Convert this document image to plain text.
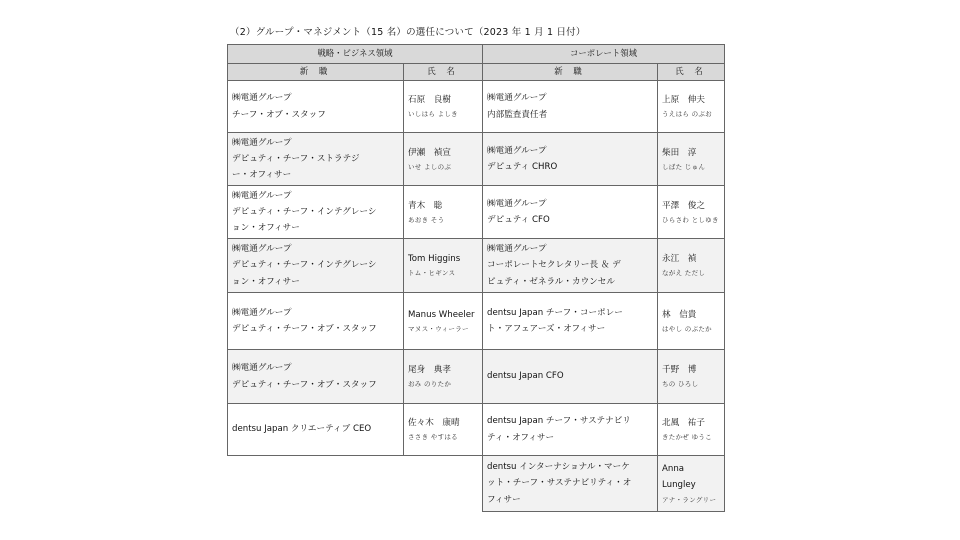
（2）グループ・マネジメント（15 名）の選任について（2023 年 1 月 1 日付）
戦略・ビジネス領域	
新 職	氏 名

㈱電通グループ
チーフ・オブ・スタッフ	石原　良樹
いしはら よしき

㈱電通グループ
デピュティ・チーフ・ストラテジ
ー・オフィサー	伊瀬　禎宣
いせ よしのぶ

㈱電通グループ
デピュティ・チーフ・インテグレーシ
ョン・オフィサー	青木　聡
あおき そう

㈱電通グループ
デピュティ・チーフ・インテグレーシ
ョン・オフィサー	Tom Higgins
トム・ヒギンス

㈱電通グループ
デピュティ・チーフ・オブ・スタッフ	Manus Wheeler
マヌス・ウィーラー

㈱電通グループ
デピュティ・チーフ・オブ・スタッフ	尾身　典孝
おみ のりたか

dentsu Japan クリエーティブ CEO	佐々木　康晴
ささき やすはる
コーポレート領域	
新 職	氏 名

㈱電通グループ
内部監査責任者	上原　伸夫
うえはら のぶお

㈱電通グループ
デピュティ CHRO	柴田　淳
しばた じゅん

㈱電通グループ
デピュティ CFO	平澤　俊之
ひらさわ としゆき

㈱電通グループ
コーポレートセクレタリー長 ＆ デ
ピュティ・ゼネラル・カウンセル	永江　禎
ながえ ただし

dentsu Japan チーフ・コーポレー
ト・アフェアーズ・オフィサー	林　信貴
はやし のぶたか

dentsu Japan CFO	千野　博
ちの ひろし

dentsu Japan チーフ・サステナビリ
ティ・オフィサー	北風　祐子
きたかぜ ゆうこ

dentsu インターナショナル・マーケ
ット・チーフ・サステナビリティ・オ
フィサー	Anna
Lungley
アナ・ラングリー
